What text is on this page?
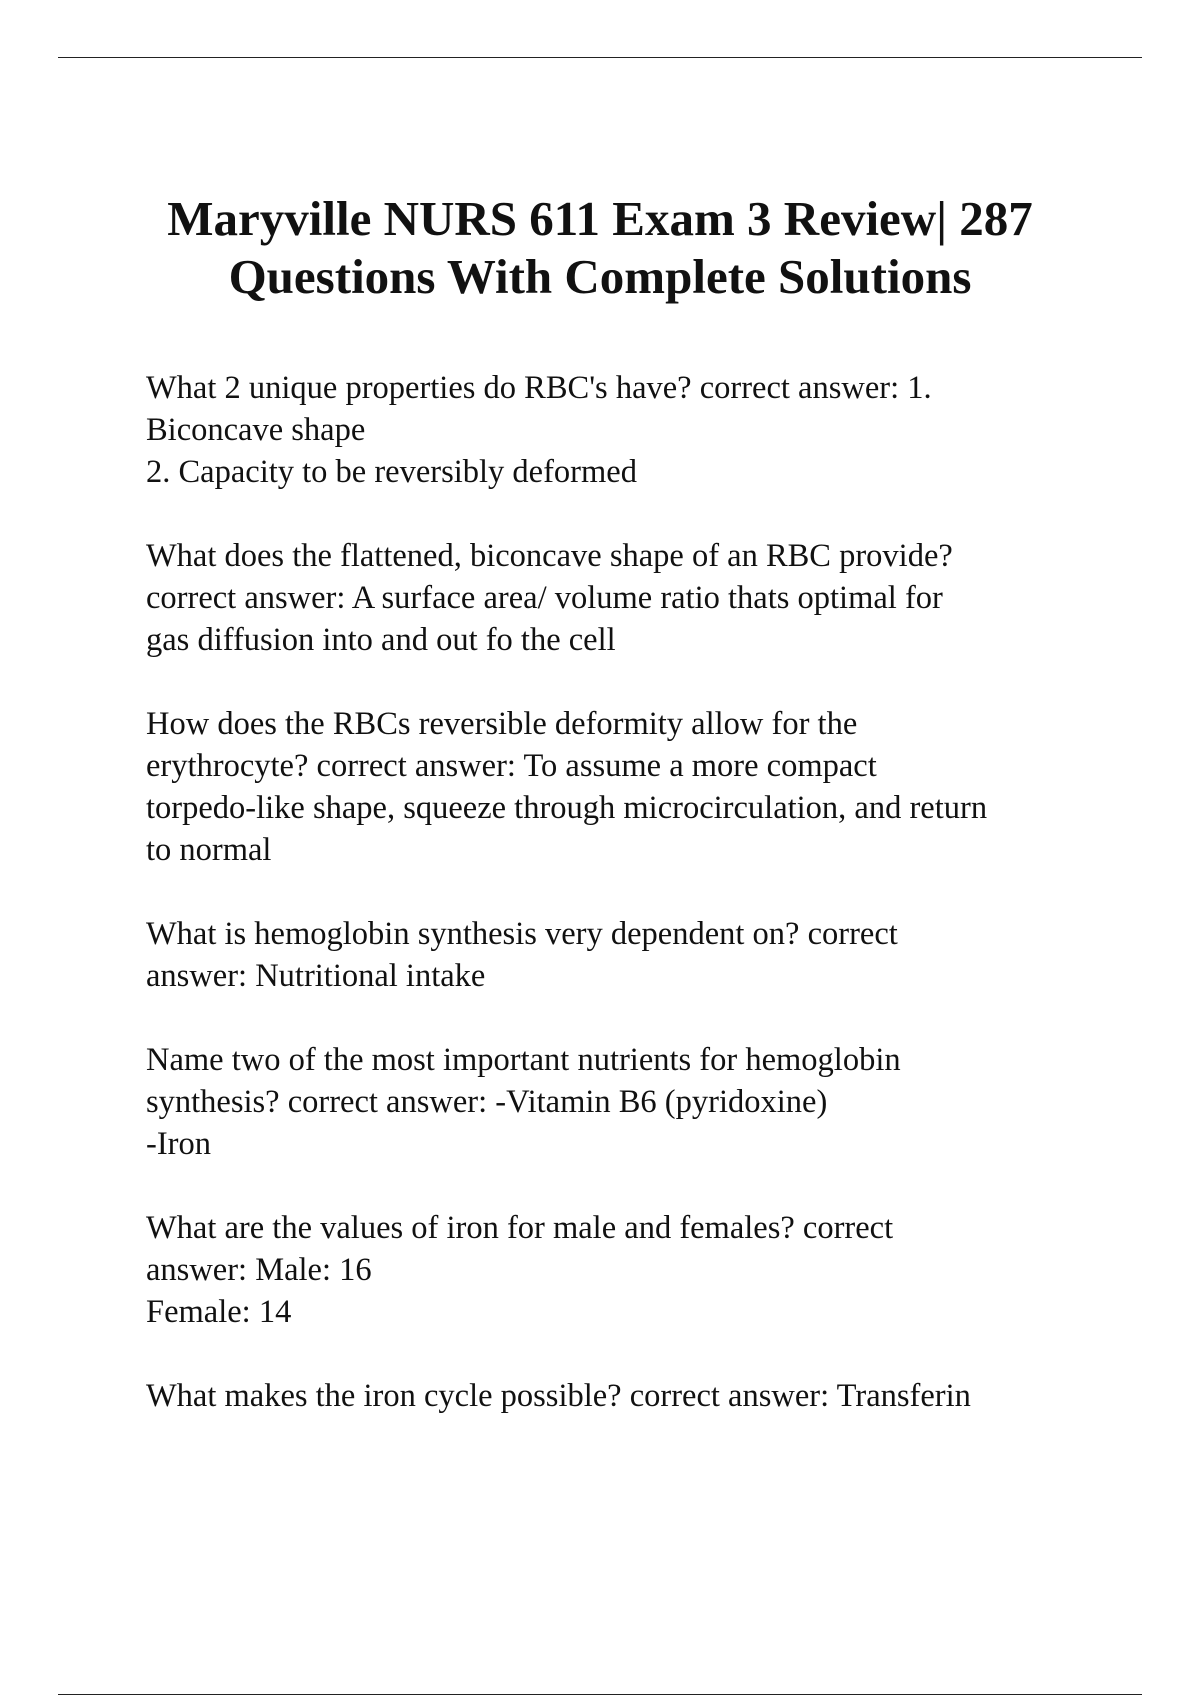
Maryville NURS 611 Exam 3 Review| 287
Questions With Complete Solutions

What 2 unique properties do RBC's have? correct answer: 1.
Biconcave shape
2. Capacity to be reversibly deformed

What does the flattened, biconcave shape of an RBC provide?
correct answer: A surface area/ volume ratio thats optimal for
gas diffusion into and out fo the cell

How does the RBCs reversible deformity allow for the
erythrocyte? correct answer: To assume a more compact
torpedo-like shape, squeeze through microcirculation, and return
to normal

What is hemoglobin synthesis very dependent on? correct
answer: Nutritional intake

Name two of the most important nutrients for hemoglobin
synthesis? correct answer: -Vitamin B6 (pyridoxine)
-Iron

What are the values of iron for male and females? correct
answer: Male: 16
Female: 14

What makes the iron cycle possible? correct answer: Transferin
